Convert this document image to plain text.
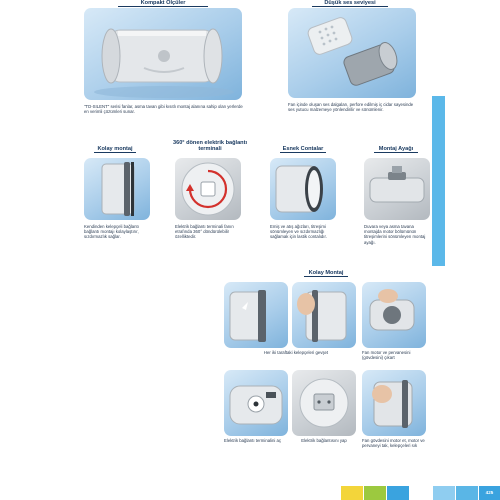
Kompakt Ölçüler
"TD-SILENT" serisi fanlar, asma tavan gibi kısıtlı montaj alanına sahip olan yerlerde en verimli çözümleri sunar.
Düşük ses seviyesi
Fan içinde oluşan ses dalgaları, perfore edilmiş iç cidar sayesinde ses yutucu malzemeye yönlendirilir ve sönümlenir.
Kolay montaj
360° dönen elektrik bağlantı terminali	Esnek Contalar	Montaj Ayağı
Kendinden kelepçeli bağlantı bağlantı montajı kolaylaştırır, sızdırmazlık sağlar.
Elektrik bağlantı terminali fanın etrafında 360° döndürülebilir özelliktedir.
Emiş ve atış ağızları, titreşimi sönümleyen ve sızdırmazlığı sağlamak için lastik contalıdır.
Duvara veya asma tavana montajda motor bölümünün titreşimlerini sönümleyen montaj ayağı.
Kolay Montaj
Her iki taraftaki kelepçeleri gevşet	Fan motor ve pervanesini (gövdesini) çıkart
Elektrik bağlantı terminalini aç	Elektrik bağlantısını yap	Fan gövdesini motor et, motor ve pervaneyi tak, kelepçeleri sık
425
